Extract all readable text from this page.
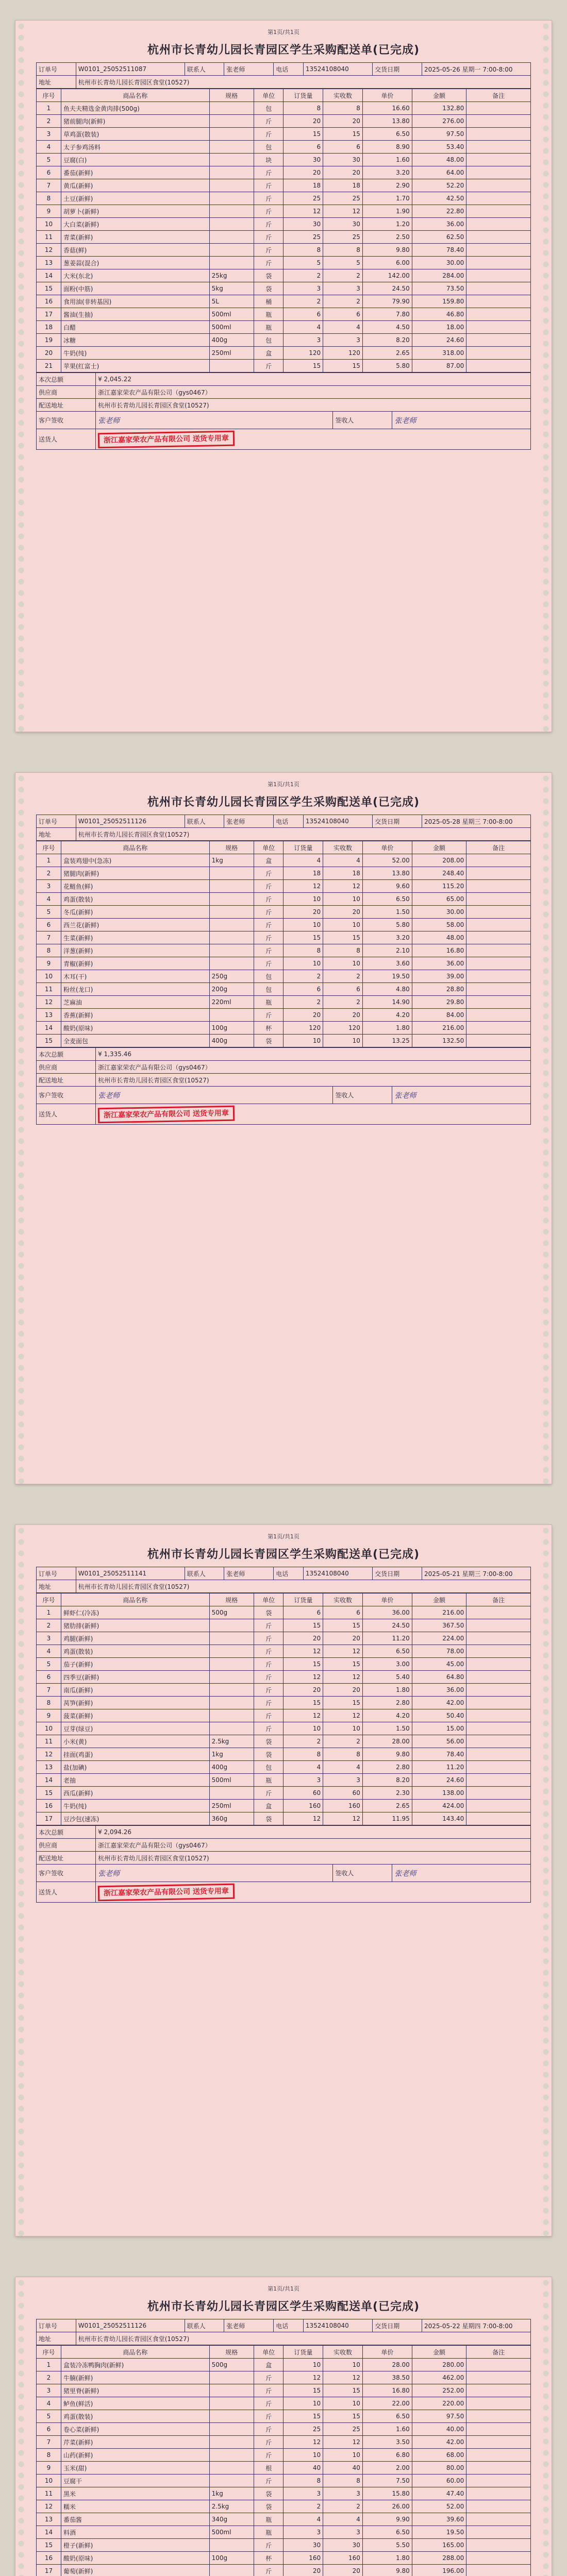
第1页/共1页
杭州市长青幼儿园长青园区学生采购配送单(已完成)
订单号	W0101_25052511087	联系人	张老师	电话	13524108040	交货日期	2025-05-26 星期一 7:00-8:00
地址	杭州市长青幼儿园长青园区食堂(10527)						
序号	商品名称	规格	单位	订货量	实收数	单价	金额	备注
1	鱼夫夫精选金黄肉排(500g)		包	8	8	16.60	132.80	
2	猪前腿肉(新鲜)		斤	20	20	13.80	276.00	
3	草鸡蛋(散装)		斤	15	15	6.50	97.50	
4	太子参鸡汤料		包	6	6	8.90	53.40	
5	豆腐(白)		块	30	30	1.60	48.00	
6	番茄(新鲜)		斤	20	20	3.20	64.00	
7	黄瓜(新鲜)		斤	18	18	2.90	52.20	
8	土豆(新鲜)		斤	25	25	1.70	42.50	
9	胡萝卜(新鲜)		斤	12	12	1.90	22.80	
10	大白菜(新鲜)		斤	30	30	1.20	36.00	
11	青菜(新鲜)		斤	25	25	2.50	62.50	
12	香菇(鲜)		斤	8	8	9.80	78.40	
13	葱姜蒜(混合)		斤	5	5	6.00	30.00	
14	大米(东北)	25kg	袋	2	2	142.00	284.00	
15	面粉(中筋)	5kg	袋	3	3	24.50	73.50	
16	食用油(非转基因)	5L	桶	2	2	79.90	159.80	
17	酱油(生抽)	500ml	瓶	6	6	7.80	46.80	
18	白醋	500ml	瓶	4	4	4.50	18.00	
19	冰糖	400g	包	3	3	8.20	24.60	
20	牛奶(纯)	250ml	盒	120	120	2.65	318.00	
21	苹果(红富士)		斤	15	15	5.80	87.00	
本次总额	¥ 2,045.22		
供应商	浙江嘉家荣农产品有限公司（gys0467）		
配送地址	杭州市长青幼儿园长青园区食堂(10527)		
客户签收	张老师	签收人	张老师
送货人	浙江嘉家荣农产品有限公司 送货专用章		
第1页/共1页
杭州市长青幼儿园长青园区学生采购配送单(已完成)
订单号	W0101_25052511126	联系人	张老师	电话	13524108040	交货日期	2025-05-28 星期三 7:00-8:00
地址	杭州市长青幼儿园长青园区食堂(10527)						
序号	商品名称	规格	单位	订货量	实收数	单价	金额	备注
1	盒装鸡翅中(急冻)	1kg	盒	4	4	52.00	208.00	
2	猪腿肉(新鲜)		斤	18	18	13.80	248.40	
3	花鲢鱼(鲜)		斤	12	12	9.60	115.20	
4	鸡蛋(散装)		斤	10	10	6.50	65.00	
5	冬瓜(新鲜)		斤	20	20	1.50	30.00	
6	西兰花(新鲜)		斤	10	10	5.80	58.00	
7	生菜(新鲜)		斤	15	15	3.20	48.00	
8	洋葱(新鲜)		斤	8	8	2.10	16.80	
9	青椒(新鲜)		斤	10	10	3.60	36.00	
10	木耳(干)	250g	包	2	2	19.50	39.00	
11	粉丝(龙口)	200g	包	6	6	4.80	28.80	
12	芝麻油	220ml	瓶	2	2	14.90	29.80	
13	香蕉(新鲜)		斤	20	20	4.20	84.00	
14	酸奶(原味)	100g	杯	120	120	1.80	216.00	
15	全麦面包	400g	袋	10	10	13.25	132.50	
本次总额	¥ 1,335.46		
供应商	浙江嘉家荣农产品有限公司（gys0467）		
配送地址	杭州市长青幼儿园长青园区食堂(10527)		
客户签收	张老师	签收人	张老师
送货人	浙江嘉家荣农产品有限公司 送货专用章		
第1页/共1页
杭州市长青幼儿园长青园区学生采购配送单(已完成)
订单号	W0101_25052511141	联系人	张老师	电话	13524108040	交货日期	2025-05-21 星期三 7:00-8:00
地址	杭州市长青幼儿园长青园区食堂(10527)						
序号	商品名称	规格	单位	订货量	实收数	单价	金额	备注
1	鲜虾仁(冷冻)	500g	袋	6	6	36.00	216.00	
2	猪肋排(新鲜)		斤	15	15	24.50	367.50	
3	鸡腿(新鲜)		斤	20	20	11.20	224.00	
4	鸡蛋(散装)		斤	12	12	6.50	78.00	
5	茄子(新鲜)		斤	15	15	3.00	45.00	
6	四季豆(新鲜)		斤	12	12	5.40	64.80	
7	南瓜(新鲜)		斤	20	20	1.80	36.00	
8	莴笋(新鲜)		斤	15	15	2.80	42.00	
9	菠菜(新鲜)		斤	12	12	4.20	50.40	
10	豆芽(绿豆)		斤	10	10	1.50	15.00	
11	小米(黄)	2.5kg	袋	2	2	28.00	56.00	
12	挂面(鸡蛋)	1kg	袋	8	8	9.80	78.40	
13	盐(加碘)	400g	包	4	4	2.80	11.20	
14	老抽	500ml	瓶	3	3	8.20	24.60	
15	西瓜(新鲜)		斤	60	60	2.30	138.00	
16	牛奶(纯)	250ml	盒	160	160	2.65	424.00	
17	豆沙包(速冻)	360g	袋	12	12	11.95	143.40	
本次总额	¥ 2,094.26		
供应商	浙江嘉家荣农产品有限公司（gys0467）		
配送地址	杭州市长青幼儿园长青园区食堂(10527)		
客户签收	张老师	签收人	张老师
送货人	浙江嘉家荣农产品有限公司 送货专用章		
第1页/共1页
杭州市长青幼儿园长青园区学生采购配送单(已完成)
订单号	W0101_25052511126	联系人	张老师	电话	13524108040	交货日期	2025-05-22 星期四 7:00-8:00
地址	杭州市长青幼儿园长青园区食堂(10527)						
序号	商品名称	规格	单位	订货量	实收数	单价	金额	备注
1	盒装冷冻鸭胸肉(新鲜)	500g	盒	10	10	28.00	280.00	
2	牛腩(新鲜)		斤	12	12	38.50	462.00	
3	猪里脊(新鲜)		斤	15	15	16.80	252.00	
4	鲈鱼(鲜活)		斤	10	10	22.00	220.00	
5	鸡蛋(散装)		斤	15	15	6.50	97.50	
6	卷心菜(新鲜)		斤	25	25	1.60	40.00	
7	芹菜(新鲜)		斤	12	12	3.50	42.00	
8	山药(新鲜)		斤	10	10	6.80	68.00	
9	玉米(甜)		根	40	40	2.00	80.00	
10	豆腐干		斤	8	8	7.50	60.00	
11	黑米	1kg	袋	3	3	15.80	47.40	
12	糯米	2.5kg	袋	2	2	26.00	52.00	
13	番茄酱	340g	瓶	4	4	9.90	39.60	
14	料酒	500ml	瓶	3	3	6.50	19.50	
15	橙子(新鲜)		斤	30	30	5.50	165.00	
16	酸奶(原味)	100g	杯	160	160	1.80	288.00	
17	葡萄(新鲜)		斤	20	20	9.80	196.00	
